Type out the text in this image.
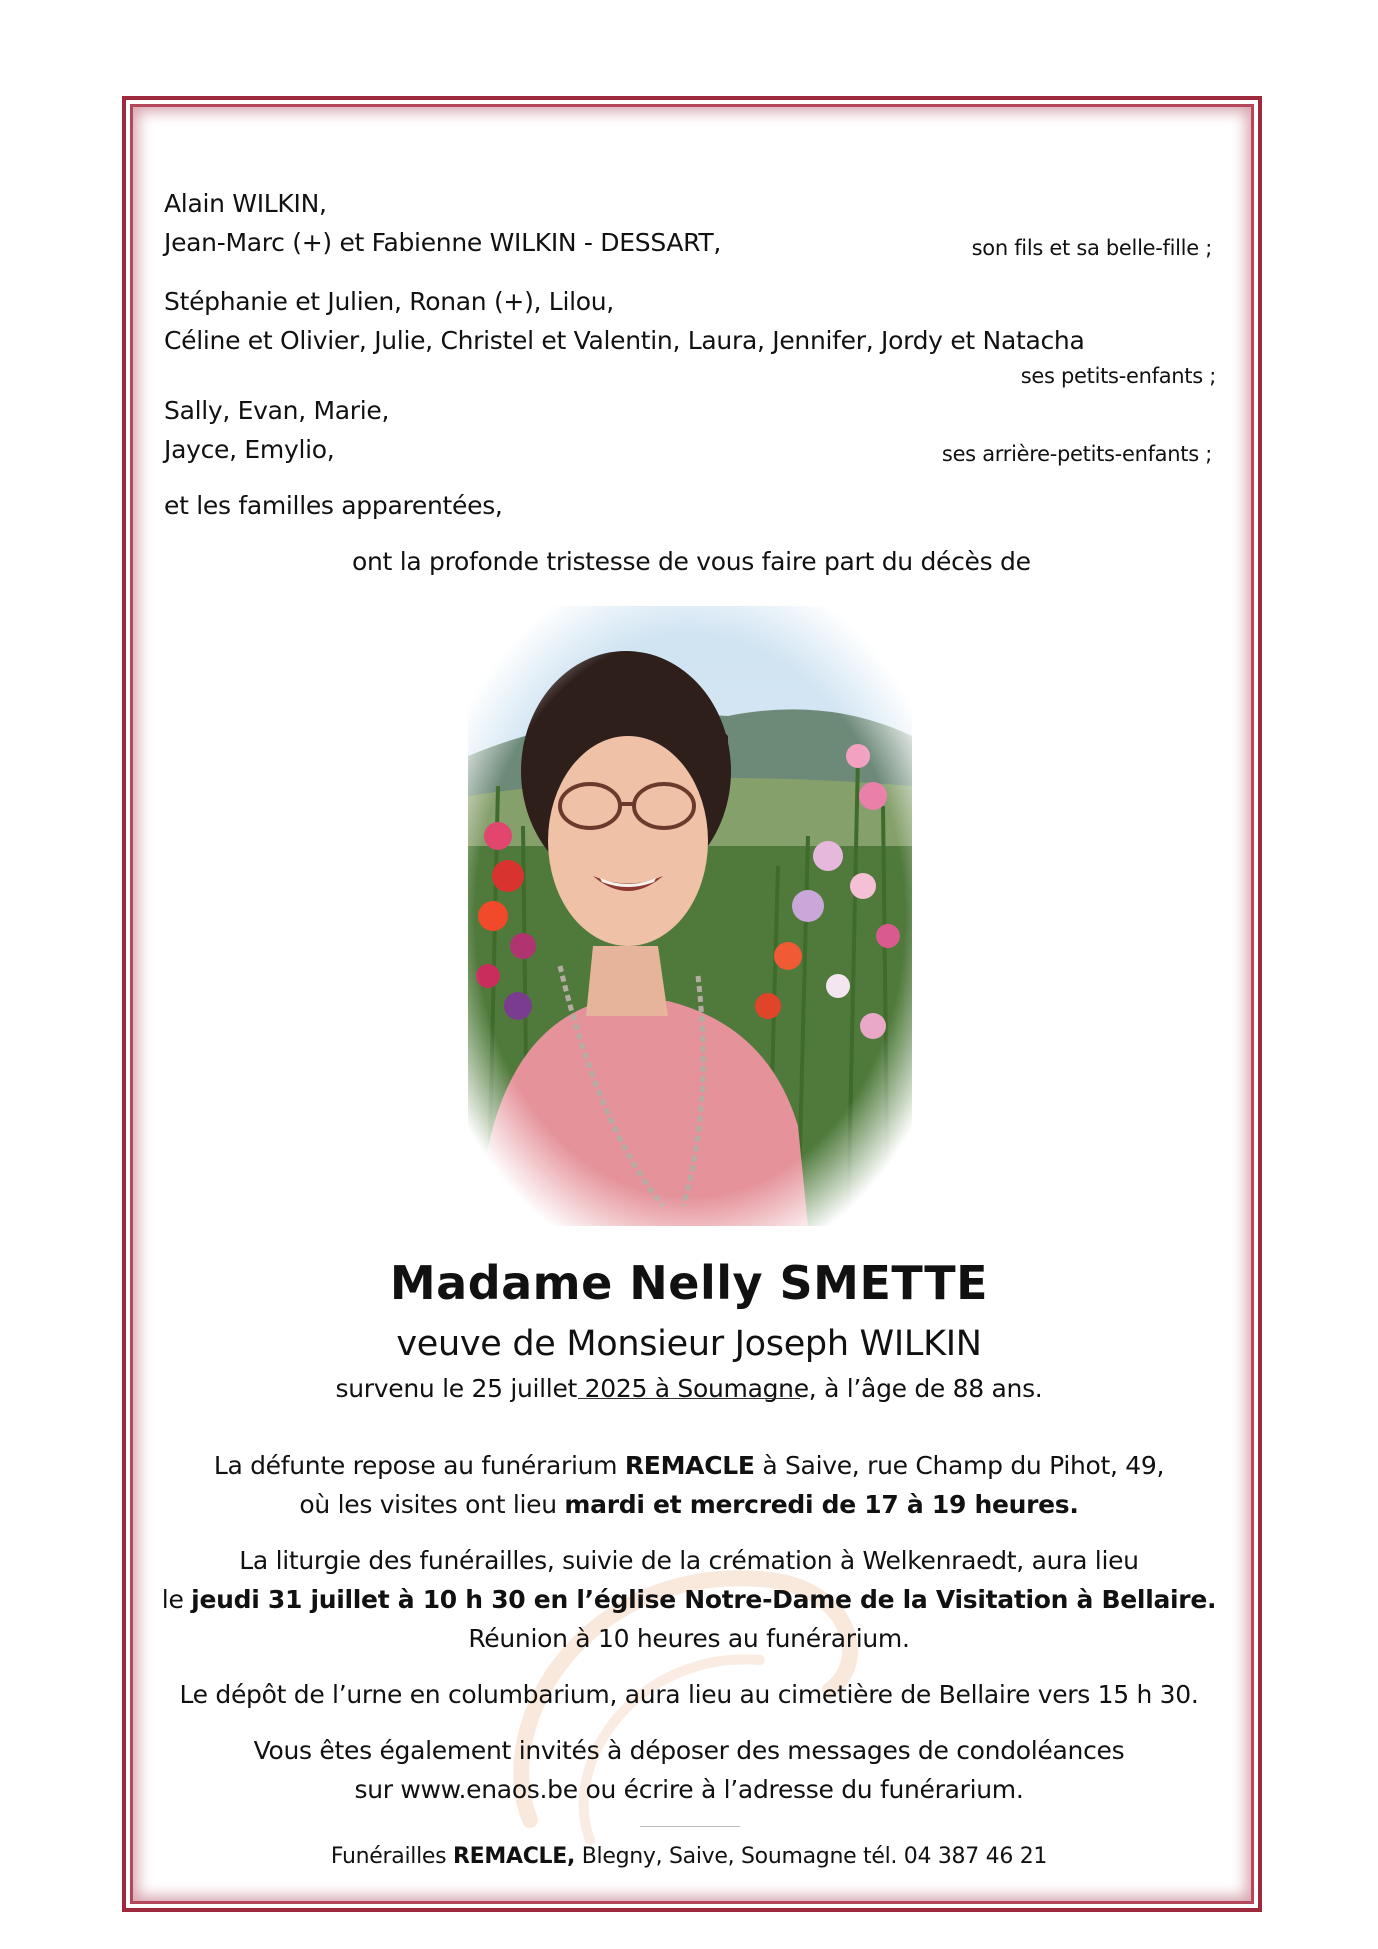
Alain WILKIN,
Jean-Marc (+) et Fabienne WILKIN - DESSART,	son fils et sa belle-fille ;
Stéphanie et Julien, Ronan (+), Lilou,
Céline et Olivier, Julie, Christel et Valentin, Laura, Jennifer, Jordy et Natacha
ses petits-enfants ;
Sally, Evan, Marie,
Jayce, Emylio,	ses arrière-petits-enfants ;
et les familles apparentées,
ont la profonde tristesse de vous faire part du décès de
Madame Nelly SMETTE
veuve de Monsieur Joseph WILKIN
survenu le 25 juillet 2025 à Soumagne, à l’âge de 88 ans.
La défunte repose au funérarium REMACLE à Saive, rue Champ du Pihot, 49,
où les visites ont lieu mardi et mercredi de 17 à 19 heures.
La liturgie des funérailles, suivie de la crémation à Welkenraedt, aura lieu
le jeudi 31 juillet à 10 h 30 en l’église Notre-Dame de la Visitation à Bellaire.
Réunion à 10 heures au funérarium.
Le dépôt de l’urne en columbarium, aura lieu au cimetière de Bellaire vers 15 h 30.
Vous êtes également invités à déposer des messages de condoléances
sur www.enaos.be ou écrire à l’adresse du funérarium.
Funérailles REMACLE, Blegny, Saive, Soumagne tél. 04 387 46 21
